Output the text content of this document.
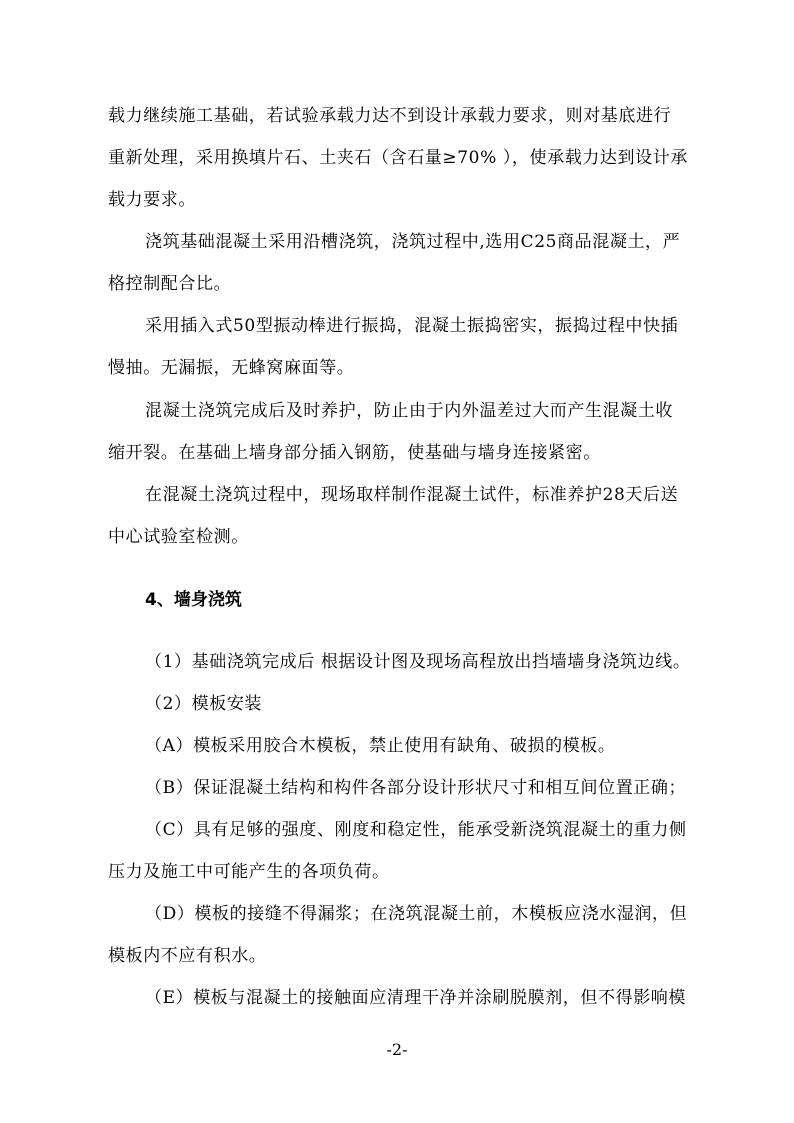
载力继续施工基础，若试验承载力达不到设计承载力要求，则对基底进行
重新处理，采用换填片石、土夹石（含石量≥70% ），使承载力达到设计承
载力要求。
浇筑基础混凝土采用沿槽浇筑，浇筑过程中,选用C25商品混凝土，严
格控制配合比。
采用插入式50型振动棒进行振捣，混凝土振捣密实，振捣过程中快插
慢抽。无漏振，无蜂窝麻面等。
混凝土浇筑完成后及时养护，防止由于内外温差过大而产生混凝土收
缩开裂。在基础上墙身部分插入钢筋，使基础与墙身连接紧密。
在混凝土浇筑过程中，现场取样制作混凝土试件，标准养护28天后送
中心试验室检测。
4、墙身浇筑
（1）基础浇筑完成后 根据设计图及现场高程放出挡墙墙身浇筑边线。
（2）模板安装
（A）模板采用胶合木模板，禁止使用有缺角、破损的模板。
（B）保证混凝土结构和构件各部分设计形状尺寸和相互间位置正确；
（C）具有足够的强度、刚度和稳定性，能承受新浇筑混凝土的重力侧
压力及施工中可能产生的各项负荷。
（D）模板的接缝不得漏浆；在浇筑混凝土前，木模板应浇水湿润，但
模板内不应有积水。
（E）模板与混凝土的接触面应清理干净并涂刷脱膜剂，但不得影响模
-2-
